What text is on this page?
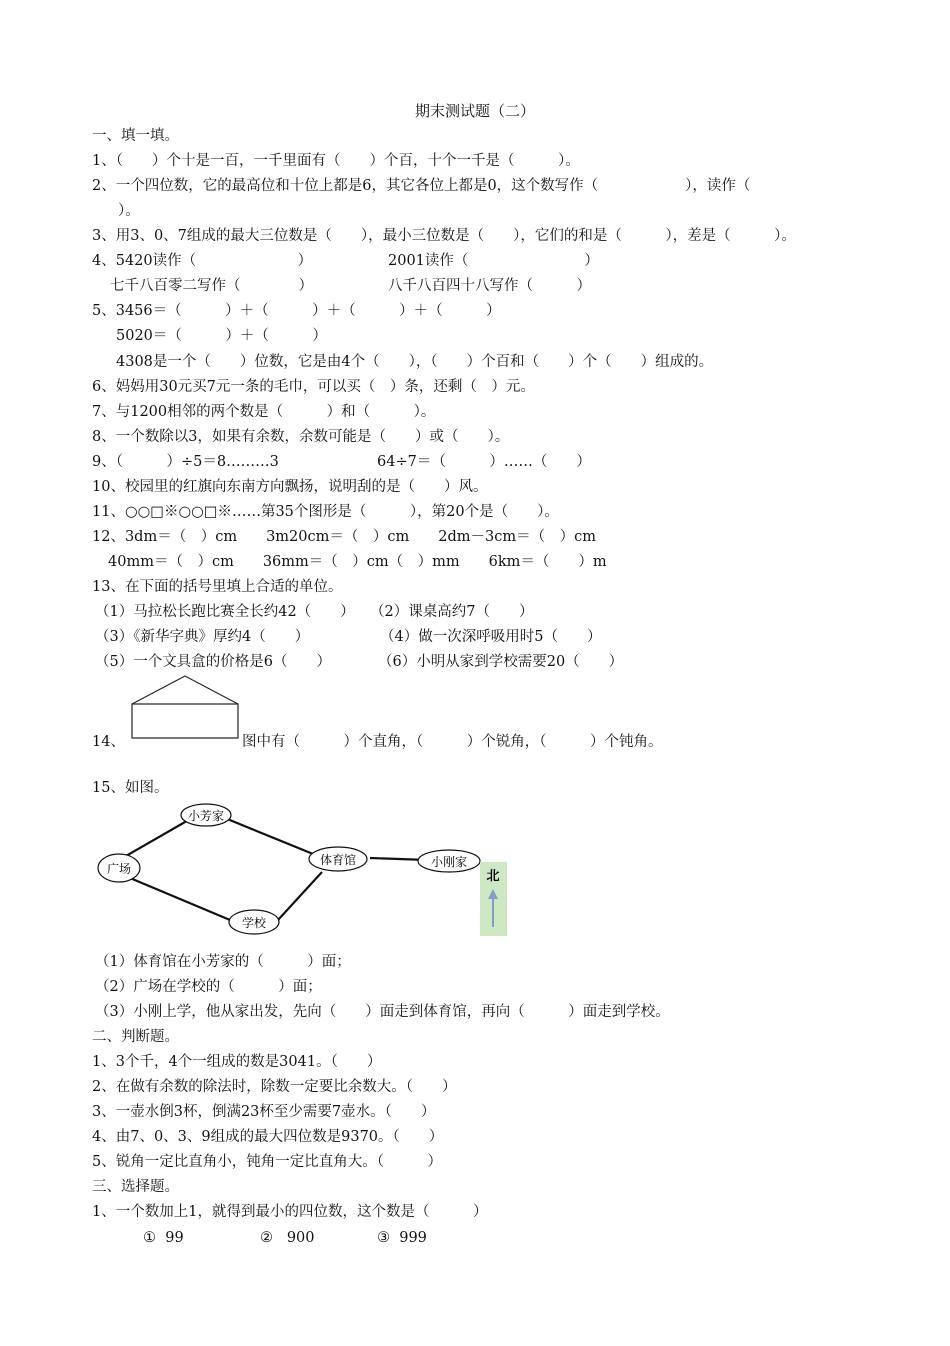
期末测试题（二）
一、填一填。
1、（　　）个十是一百，一千里面有（　　）个百，十个一千是（　　　）。
2、一个四位数，它的最高位和十位上都是6，其它各位上都是0，这个数写作（　　　　　　），读作（
）。
3、用3、0、7组成的最大三位数是（　　），最小三位数是（　　），它们的和是（　　　），差是（　　　）。
4、5420读作（　　　　　　　）	2001读作（　　　　　　　　）
七千八百零二写作（　　　　）	八千八百四十八写作（　　　）
5、3456＝（　　　）＋（　　　）＋（　　　）＋（　　　）
5020＝（　　　）＋（　　　）
4308是一个（　　）位数，它是由4个（　　），（　　）个百和（　　）个（　　）组成的。
6、妈妈用30元买7元一条的毛巾，可以买（　）条，还剩（　）元。
7、与1200相邻的两个数是（　　　）和（　　　）。
8、一个数除以3，如果有余数，余数可能是（　　）或（　　）。
9、（　　　）÷5＝8………3	64÷7＝（　　　）……（　　）
10、校园里的红旗向东南方向飘扬，说明刮的是（　　）风。
11、○○□※○○□※……第35个图形是（　　　），第20个是（　　）。
12、3dm＝（　）cm　　3m20cm＝（　）cm　　2dm－3cm＝（　）cm
40mm＝（　）cm　　36mm＝（　）cm（　）mm　　6km＝（　　）m
13、在下面的括号里填上合适的单位。
（1）马拉松长跑比赛全长约42（　　） （2）课桌高约7（　　）
（3）《新华字典》厚约4（　　）	（4）做一次深呼吸用时5（　　）
（5）一个文具盒的价格是6（　　）	（6）小明从家到学校需要20（　　）
14、	图中有（　　　）个直角，（　　　）个锐角，（　　　）个钝角。
15、如图。
小芳家
广场
体育馆	小刚家
学校
北
（1）体育馆在小芳家的（　　　）面；
（2）广场在学校的（　　　）面；
（3）小刚上学，他从家出发，先向（　　）面走到体育馆，再向（　　　）面走到学校。
二、判断题。
1、3个千，4个一组成的数是3041。（　　）
2、在做有余数的除法时，除数一定要比余数大。（　　）
3、一壶水倒3杯，倒满23杯至少需要7壶水。（　　）
4、由7、0、3、9组成的最大四位数是9370。（　　）
5、锐角一定比直角小，钝角一定比直角大。（　　　）
三、选择题。
1、一个数加上1，就得到最小的四位数，这个数是（　　　）
①  99	②   900	③  999
